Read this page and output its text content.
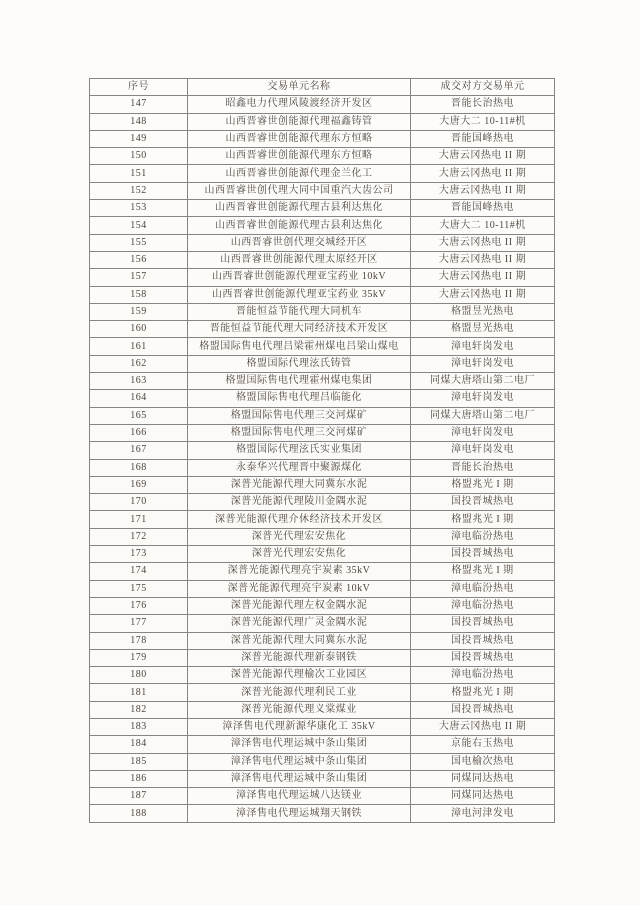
序号	交易单元名称	成交对方交易单元
147	昭鑫电力代理风陵渡经济开发区	晋能长治热电
148	山西晋睿世创能源代理福鑫铸管	大唐大二 10-11#机
149	山西晋睿世创能源代理东方恒略	晋能国峰热电
150	山西晋睿世创能源代理东方恒略	大唐云冈热电 II 期
151	山西晋睿世创能源代理金兰化工	大唐云冈热电 II 期
152	山西晋睿世创代理大同中国重汽大齿公司	大唐云冈热电 II 期
153	山西晋睿世创能源代理古县利达焦化	晋能国峰热电
154	山西晋睿世创能源代理古县利达焦化	大唐大二 10-11#机
155	山西晋睿世创代理交城经开区	大唐云冈热电 II 期
156	山西晋睿世创能源代理太原经开区	大唐云冈热电 II 期
157	山西晋睿世创能源代理亚宝药业 10kV	大唐云冈热电 II 期
158	山西晋睿世创能源代理亚宝药业 35kV	大唐云冈热电 II 期
159	晋能恒益节能代理大同机车	格盟昱光热电
160	晋能恒益节能代理大同经济技术开发区	格盟昱光热电
161	格盟国际售电代理吕梁霍州煤电吕梁山煤电	漳电轩岗发电
162	格盟国际代理泫氏铸管	漳电轩岗发电
163	格盟国际售电代理霍州煤电集团	同煤大唐塔山第二电厂
164	格盟国际售电代理吕临能化	漳电轩岗发电
165	格盟国际售电代理三交河煤矿	同煤大唐塔山第二电厂
166	格盟国际售电代理三交河煤矿	漳电轩岗发电
167	格盟国际代理泫氏实业集团	漳电轩岗发电
168	永泰华兴代理晋中聚源煤化	晋能长治热电
169	深普光能源代理大同冀东水泥	格盟兆光 I 期
170	深普光能源代理陵川金隅水泥	国投晋城热电
171	深普光能源代理介休经济技术开发区	格盟兆光 I 期
172	深普光代理宏安焦化	漳电临汾热电
173	深普光代理宏安焦化	国投晋城热电
174	深普光能源代理亮宇炭素 35kV	格盟兆光 I 期
175	深普光能源代理亮宇炭素 10kV	漳电临汾热电
176	深普光能源代理左权金隅水泥	漳电临汾热电
177	深普光能源代理广灵金隅水泥	国投晋城热电
178	深普光能源代理大同冀东水泥	国投晋城热电
179	深普光能源代理新泰钢铁	国投晋城热电
180	深普光能源代理榆次工业园区	漳电临汾热电
181	深普光能源代理利民工业	格盟兆光 I 期
182	深普光能源代理义棠煤业	国投晋城热电
183	漳泽售电代理新源华康化工 35kV	大唐云冈热电 II 期
184	漳泽售电代理运城中条山集团	京能右玉热电
185	漳泽售电代理运城中条山集团	国电榆次热电
186	漳泽售电代理运城中条山集团	同煤同达热电
187	漳泽售电代理运城八达镁业	同煤同达热电
188	漳泽售电代理运城翔天钢铁	漳电河津发电
